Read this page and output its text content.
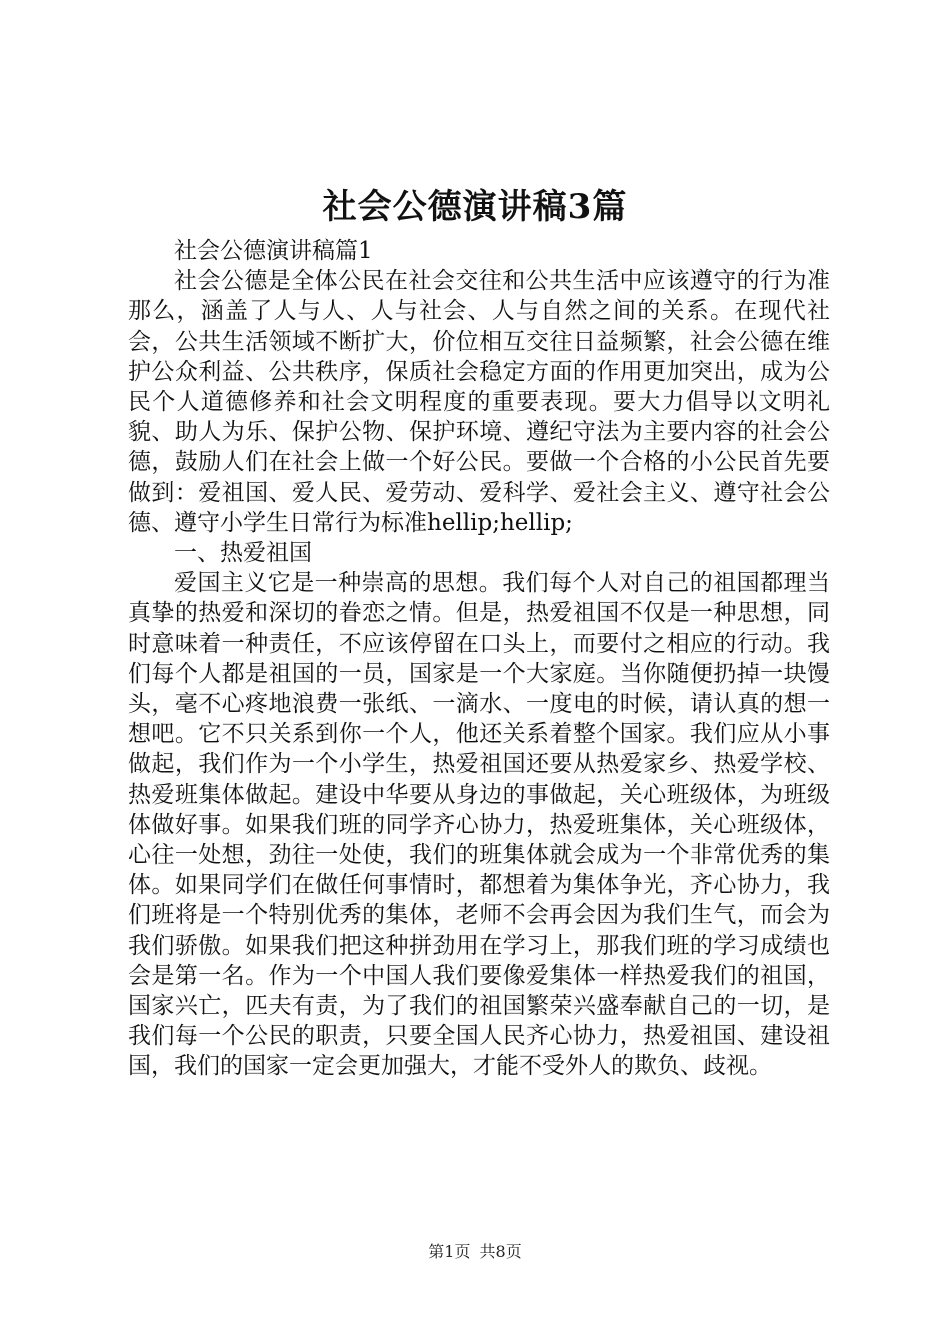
社会公德演讲稿3篇

社会公德演讲稿篇1

社会公德是全体公民在社会交往和公共生活中应该遵守的行为准那么，涵盖了人与人、人与社会、人与自然之间的关系。在现代社会，公共生活领域不断扩大，价位相互交往日益频繁，社会公德在维护公众利益、公共秩序，保质社会稳定方面的作用更加突出，成为公民个人道德修养和社会文明程度的重要表现。要大力倡导以文明礼貌、助人为乐、保护公物、保护环境、遵纪守法为主要内容的社会公德，鼓励人们在社会上做一个好公民。要做一个合格的小公民首先要做到：爱祖国、爱人民、爱劳动、爱科学、爱社会主义、遵守社会公德、遵守小学生日常行为标准hellip;hellip;

一、热爱祖国

爱国主义它是一种崇高的思想。我们每个人对自己的祖国都理当真挚的热爱和深切的眷恋之情。但是，热爱祖国不仅是一种思想，同时意味着一种责任，不应该停留在口头上，而要付之相应的行动。我们每个人都是祖国的一员，国家是一个大家庭。当你随便扔掉一块馒头，毫不心疼地浪费一张纸、一滴水、一度电的时候，请认真的想一想吧。它不只关系到你一个人，他还关系着整个国家。我们应从小事做起，我们作为一个小学生，热爱祖国还要从热爱家乡、热爱学校、热爱班集体做起。建设中华要从身边的事做起，关心班级体，为班级体做好事。如果我们班的同学齐心协力，热爱班集体，关心班级体，心往一处想，劲往一处使，我们的班集体就会成为一个非常优秀的集体。如果同学们在做任何事情时，都想着为集体争光，齐心协力，我们班将是一个特别优秀的集体，老师不会再会因为我们生气，而会为我们骄傲。如果我们把这种拼劲用在学习上，那我们班的学习成绩也会是第一名。作为一个中国人我们要像爱集体一样热爱我们的祖国，国家兴亡，匹夫有责，为了我们的祖国繁荣兴盛奉献自己的一切，是我们每一个公民的职责，只要全国人民齐心协力，热爱祖国、建设祖国，我们的国家一定会更加强大，才能不受外人的欺负、歧视。

第1页 共8页
